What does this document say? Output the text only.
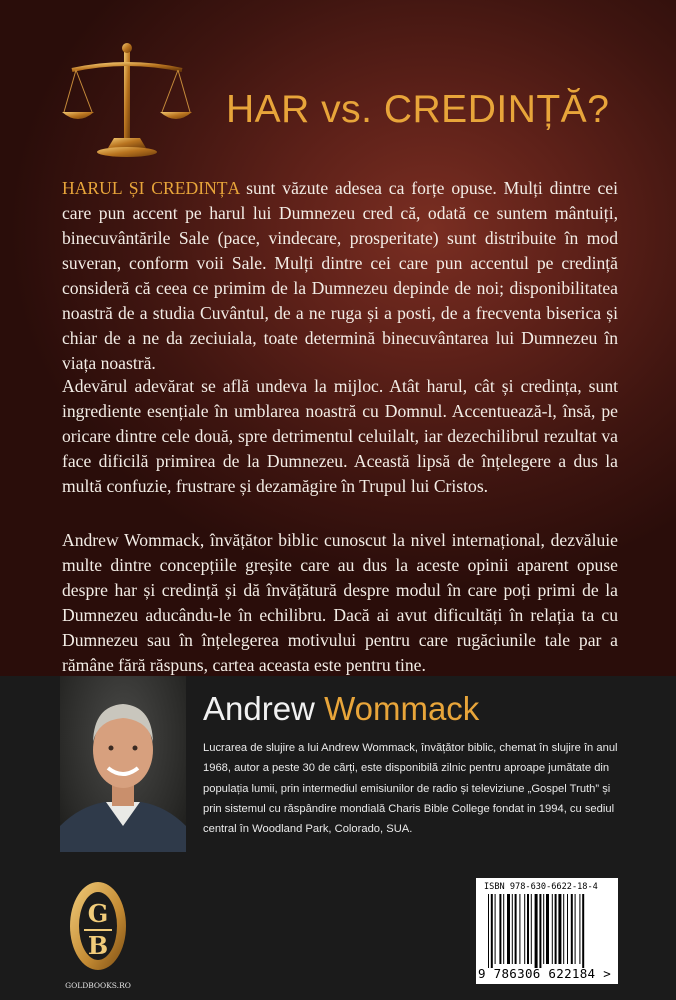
HAR vs. CREDINȚĂ?

HARUL ȘI CREDINȚA sunt văzute adesea ca forțe opuse. Mulți dintre cei care pun accent pe harul lui Dumnezeu cred că, odată ce suntem mântuiți, binecuvântările Sale (pace, vindecare, prosperitate) sunt distribuite în mod suveran, conform voii Sale. Mulți dintre cei care pun accentul pe credință consideră că ceea ce primim de la Dumnezeu depinde de noi; disponibilitatea noastră de a studia Cuvântul, de a ne ruga și a posti, de a frecventa biserica și chiar de a ne da zeciuiala, toate determină binecuvântarea lui Dumnezeu în viața noastră.

Adevărul adevărat se află undeva la mijloc. Atât harul, cât și credința, sunt ingrediente esențiale în umblarea noastră cu Domnul. Accentuează-l, însă, pe oricare dintre cele două, spre detrimentul celuilalt, iar dezechilibrul rezultat va face dificilă primirea de la Dumnezeu. Această lipsă de înțelegere a dus la multă confuzie, frustrare și dezamăgire în Trupul lui Cristos.

Andrew Wommack, învățător biblic cunoscut la nivel internațional, dezvăluie multe dintre concepțiile greșite care au dus la aceste opinii aparent opuse despre har și credință și dă învățătură despre modul în care poți primi de la Dumnezeu aducându-le în echilibru. Dacă ai avut dificultăți în relația ta cu Dumnezeu sau în înțelegerea motivului pentru care rugăciunile tale par a rămâne fără răspuns, cartea aceasta este pentru tine.

Andrew Wommack

Lucrarea de slujire a lui Andrew Wommack, învățător biblic, chemat în slujire în anul 1968, autor a peste 30 de cărți, este disponibilă zilnic pentru aproape jumătate din populația lumii, prin intermediul emisiunilor de radio și televiziune „Gospel Truth” și prin sistemul cu răspândire mondială Charis Bible College fondat in 1994, cu sediul central în Woodland Park, Colorado, SUA.

G
B
GOLDBOOKS.RO
ISBN 978-630-6622-18-4
9 786306 622184 >
